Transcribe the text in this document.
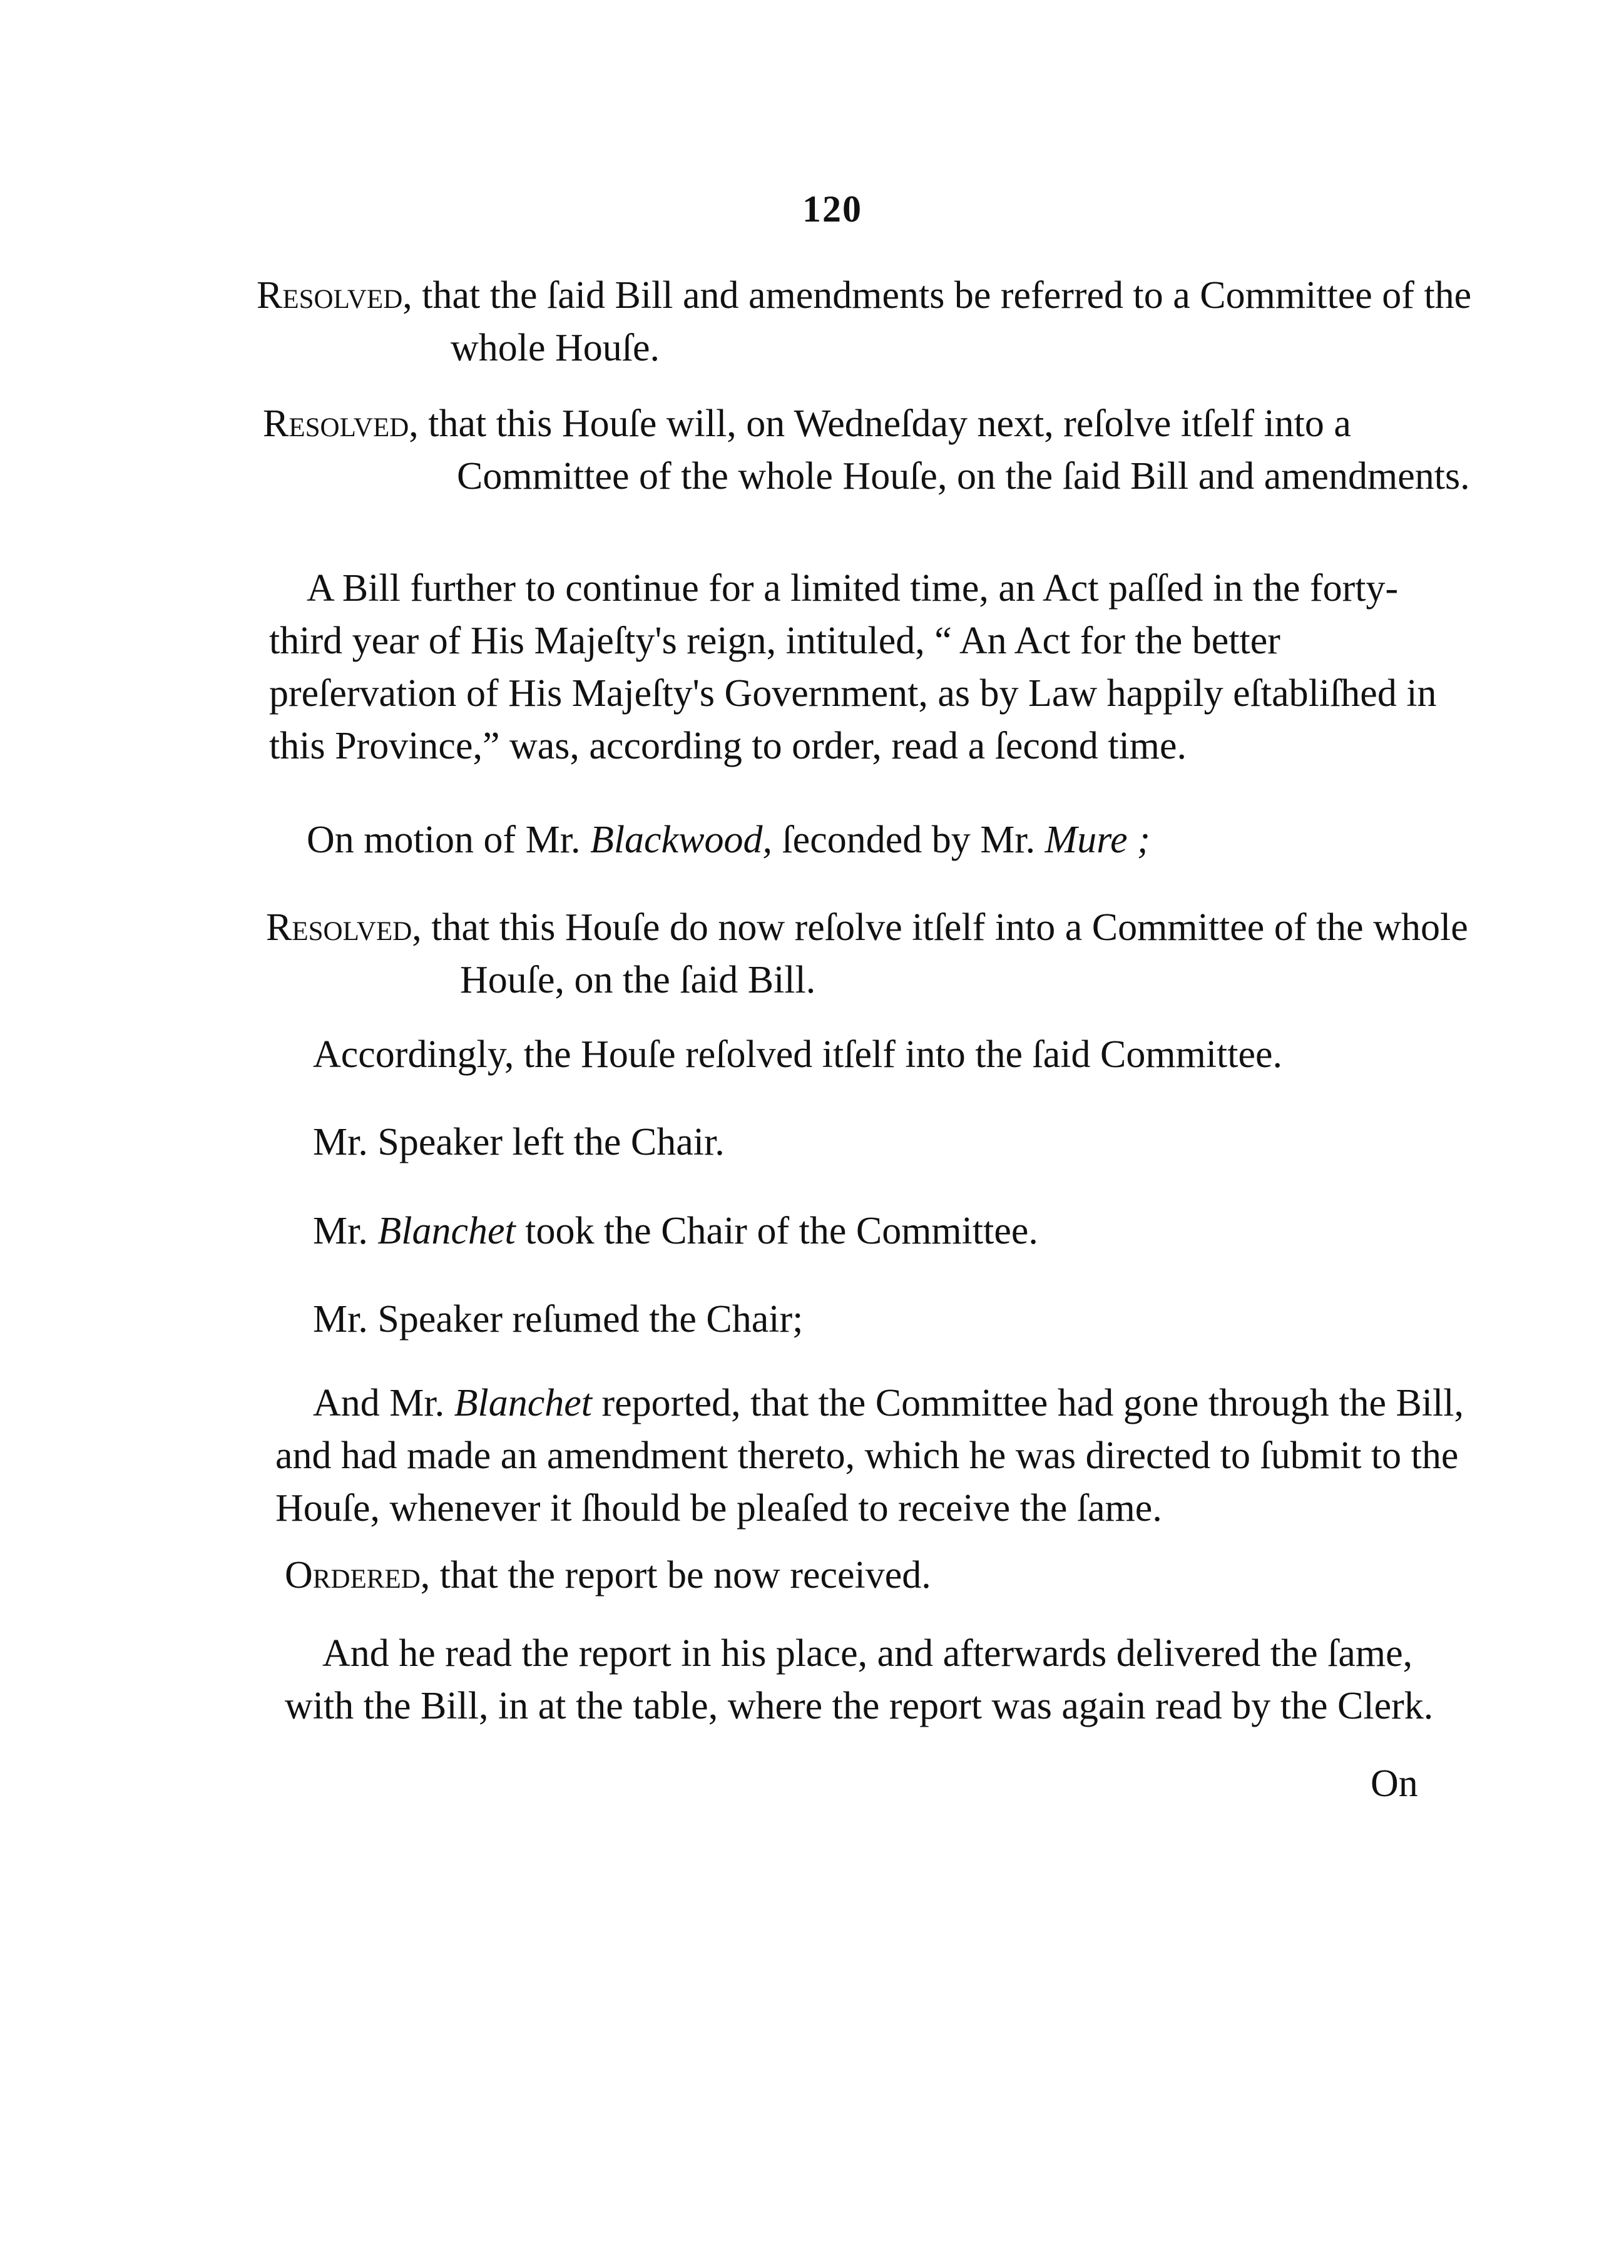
120
Resolved, that the ſaid Bill and amendments be referred to a Committee of the whole Houſe.
Resolved, that this Houſe will, on Wedneſday next, reſolve itſelf into a Committee of the whole Houſe, on the ſaid Bill and amendments.
A Bill further to continue for a limited time, an Act paſſed in the forty-third year of His Majeſty's reign, intituled, “ An Act for the better preſervation of His Majeſty's Government, as by Law happily eſtabliſhed in this Province,” was, according to order, read a ſecond time.
On motion of Mr. Blackwood, ſeconded by Mr. Mure ;
Resolved, that this Houſe do now reſolve itſelf into a Committee of the whole Houſe, on the ſaid Bill.
Accordingly, the Houſe reſolved itſelf into the ſaid Committee.
Mr. Speaker left the Chair.
Mr. Blanchet took the Chair of the Committee.
Mr. Speaker reſumed the Chair;
And Mr. Blanchet reported, that the Committee had gone through the Bill, and had made an amendment thereto, which he was directed to ſubmit to the Houſe, whenever it ſhould be pleaſed to receive the ſame.
Ordered, that the report be now received.
And he read the report in his place, and afterwards delivered the ſame, with the Bill, in at the table, where the report was again read by the Clerk.
On
